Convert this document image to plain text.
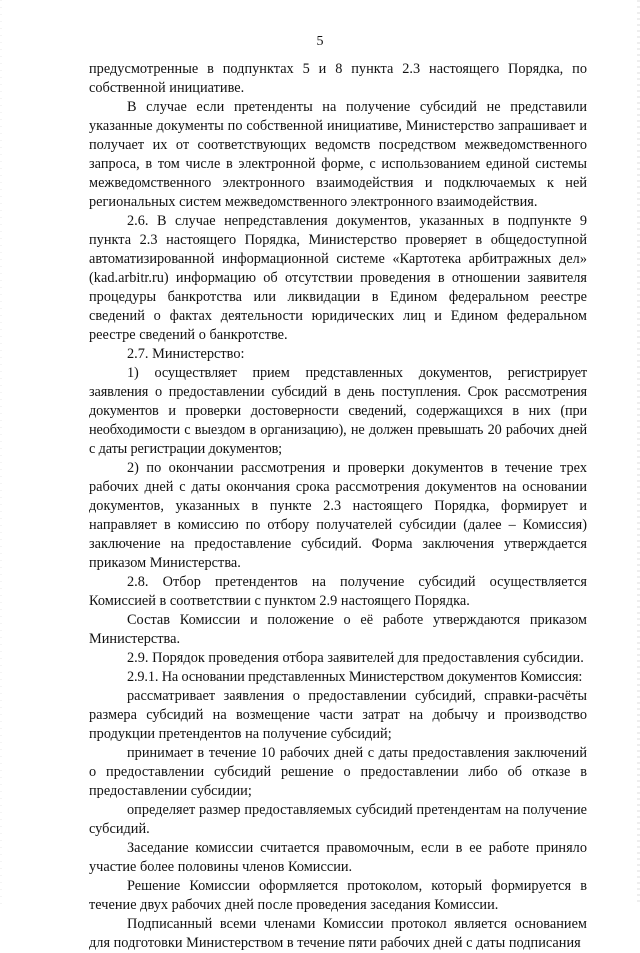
5

предусмотренные в подпунктах 5 и 8 пункта 2.3 настоящего Порядка, по собственной инициативе.

В случае если претенденты на получение субсидий не представили указанные документы по собственной инициативе, Министерство запрашивает и получает их от соответствующих ведомств посредством межведомственного запроса, в том числе в электронной форме, с использованием единой системы межведомственного электронного взаимодействия и подключаемых к ней региональных систем межведомственного электронного взаимодействия.

2.6. В случае непредставления документов, указанных в подпункте 9 пункта 2.3 настоящего Порядка, Министерство проверяет в общедоступной автоматизированной информационной системе «Картотека арбитражных дел» (kad.arbitr.ru) информацию об отсутствии проведения в отношении заявителя процедуры банкротства или ликвидации в Едином федеральном реестре сведений о фактах деятельности юридических лиц и Едином федеральном реестре сведений о банкротстве.

2.7. Министерство:

1) осуществляет прием представленных документов, регистрирует заявления о предоставлении субсидий в день поступления. Срок рассмотрения документов и проверки достоверности сведений, содержащихся в них (при необходимости с выездом в организацию), не должен превышать 20 рабочих дней с даты регистрации документов;

2) по окончании рассмотрения и проверки документов в течение трех рабочих дней с даты окончания срока рассмотрения документов на основании документов, указанных в пункте 2.3 настоящего Порядка, формирует и направляет в комиссию по отбору получателей субсидии (далее – Комиссия) заключение на предоставление субсидий. Форма заключения утверждается приказом Министерства.

2.8. Отбор претендентов на получение субсидий осуществляется Комиссией в соответствии с пунктом 2.9 настоящего Порядка.

Состав Комиссии и положение о её работе утверждаются приказом Министерства.

2.9. Порядок проведения отбора заявителей для предоставления субсидии.

2.9.1. На основании представленных Министерством документов Комиссия:

рассматривает заявления о предоставлении субсидий, справки-расчёты размера субсидий на возмещение части затрат на добычу и производство продукции претендентов на получение субсидий;

принимает в течение 10 рабочих дней с даты предоставления заключений о предоставлении субсидий решение о предоставлении либо об отказе в предоставлении субсидии;

определяет размер предоставляемых субсидий претендентам на получение субсидий.

Заседание комиссии считается правомочным, если в ее работе приняло участие более половины членов Комиссии.

Решение Комиссии оформляется протоколом, который формируется в течение двух рабочих дней после проведения заседания Комиссии.

Подписанный всеми членами Комиссии протокол является основанием для подготовки Министерством в течение пяти рабочих дней с даты подписания
